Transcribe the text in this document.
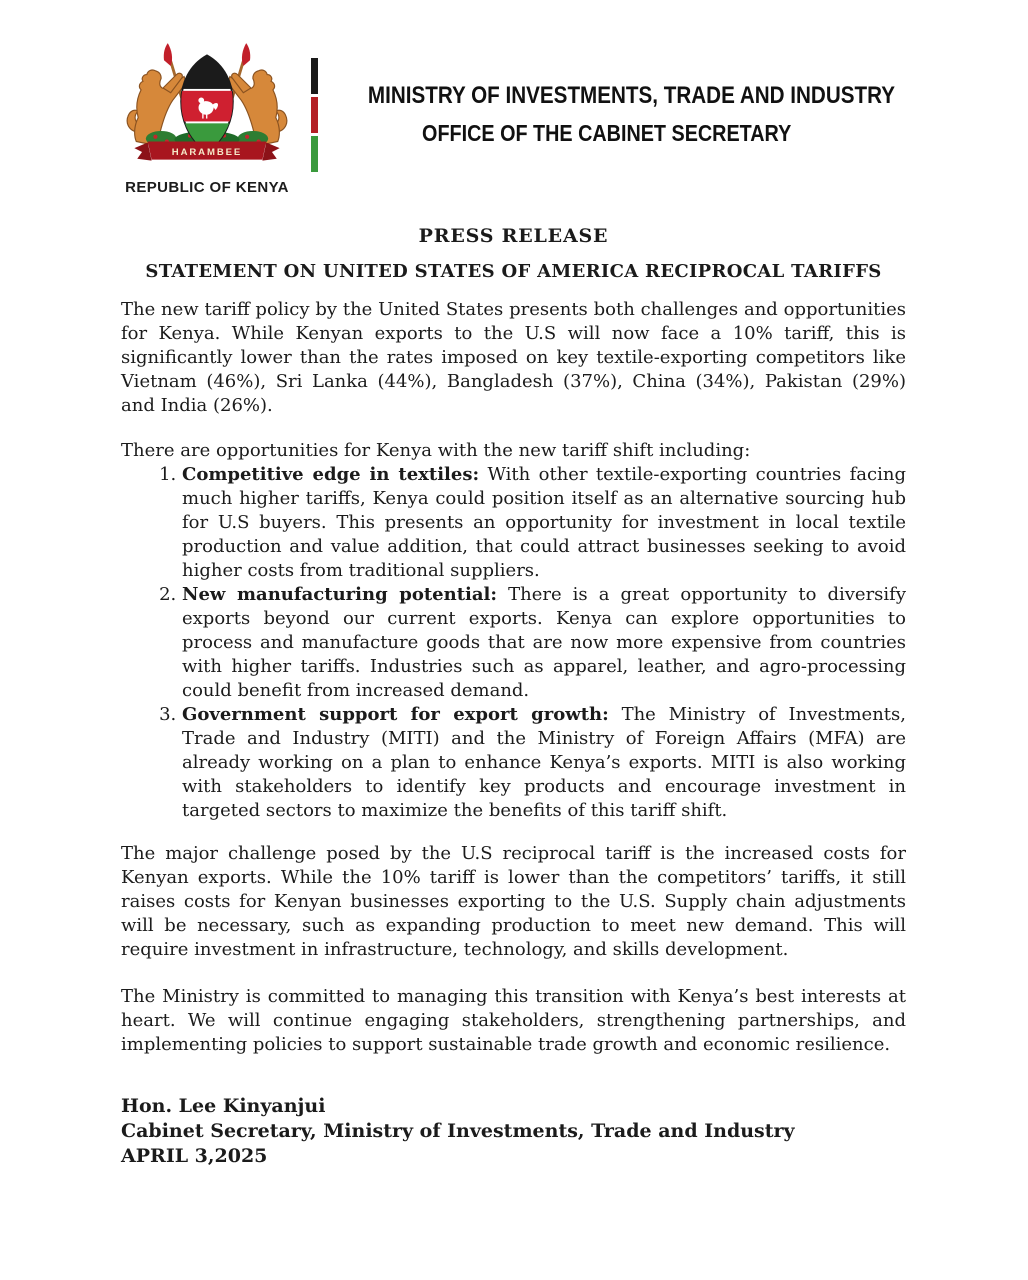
HARAMBEE
REPUBLIC OF KENYA
MINISTRY OF INVESTMENTS, TRADE AND INDUSTRY
OFFICE OF THE CABINET SECRETARY
PRESS RELEASE
STATEMENT ON UNITED STATES OF AMERICA RECIPROCAL TARIFFS

The new tariff policy by the United States presents both challenges and opportunities for Kenya. While Kenyan exports to the U.S will now face a 10% tariff, this is significantly lower than the rates imposed on key textile-exporting competitors like Vietnam (46%), Sri Lanka (44%), Bangladesh (37%), China (34%), Pakistan (29%) and India (26%).

There are opportunities for Kenya with the new tariff shift including:

1. Competitive edge in textiles: With other textile-exporting countries facing much higher tariffs, Kenya could position itself as an alternative sourcing hub for U.S buyers. This presents an opportunity for investment in local textile production and value addition, that could attract businesses seeking to avoid higher costs from traditional suppliers.
2. New manufacturing potential: There is a great opportunity to diversify exports beyond our current exports. Kenya can explore opportunities to process and manufacture goods that are now more expensive from countries with higher tariffs. Industries such as apparel, leather, and agro-processing could benefit from increased demand.
3. Government support for export growth: The Ministry of Investments, Trade and Industry (MITI) and the Ministry of Foreign Affairs (MFA) are already working on a plan to enhance Kenya’s exports. MITI is also working with stakeholders to identify key products and encourage investment in targeted sectors to maximize the benefits of this tariff shift.

The major challenge posed by the U.S reciprocal tariff is the increased costs for Kenyan exports. While the 10% tariff is lower than the competitors’ tariffs, it still raises costs for Kenyan businesses exporting to the U.S. Supply chain adjustments will be necessary, such as expanding production to meet new demand. This will require investment in infrastructure, technology, and skills development.

The Ministry is committed to managing this transition with Kenya’s best interests at heart. We will continue engaging stakeholders, strengthening partnerships, and implementing policies to support sustainable trade growth and economic resilience.

Hon. Lee Kinyanjui
Cabinet Secretary, Ministry of Investments, Trade and Industry
APRIL 3,2025
